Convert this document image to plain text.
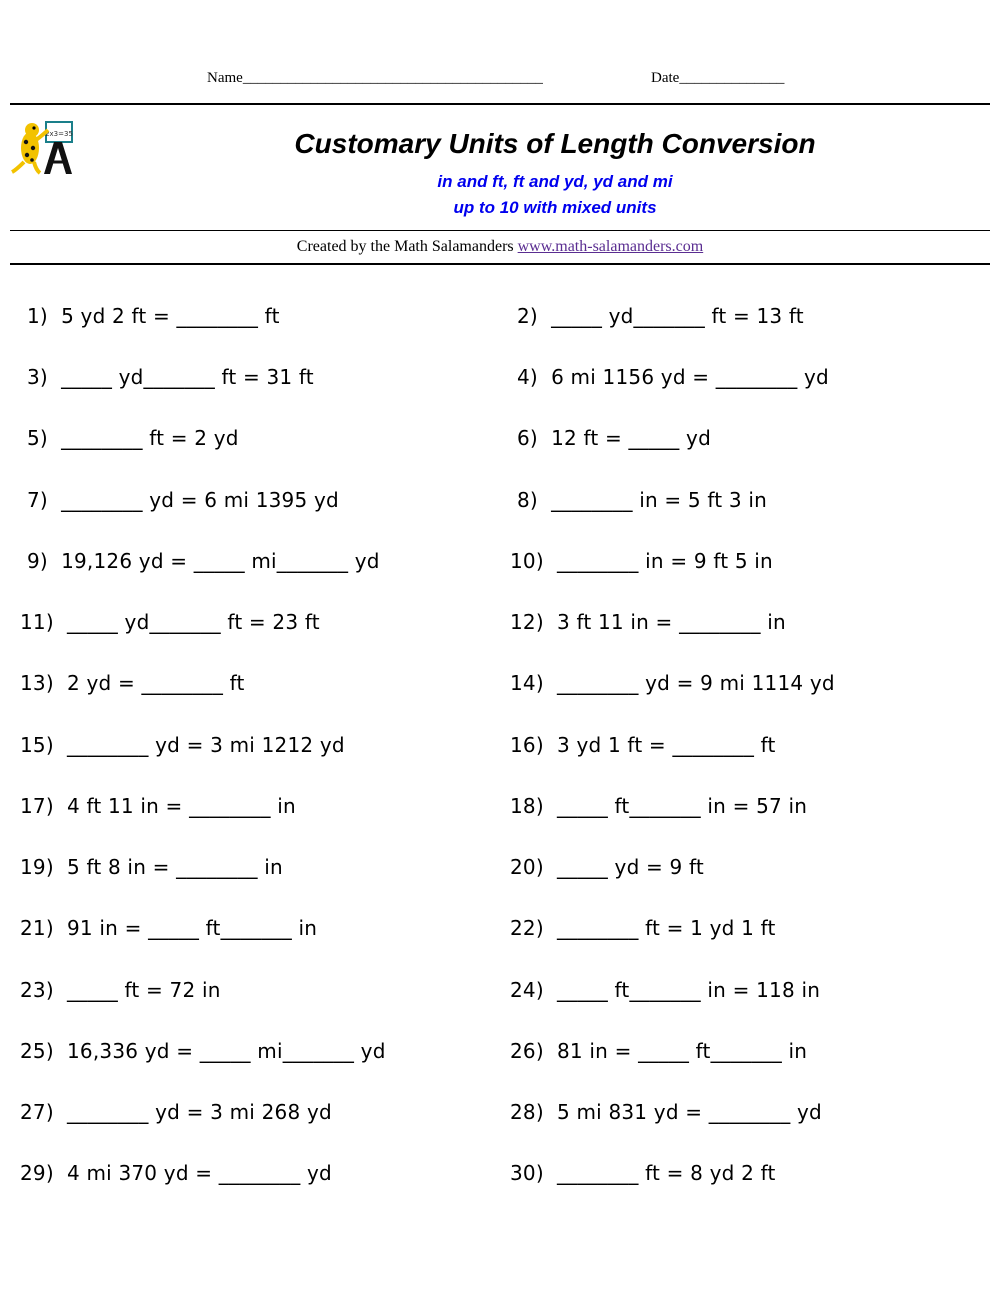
Name________________________________________	Date______________
2x3=35	Customary Units of Length Conversion
in and ft, ft and yd, yd and mi
up to 10 with mixed units
Created by the Math Salamanders www.math-salamanders.com
1) 5 yd 2 ft = ________ ft	2) _____ yd_______ ft = 13 ft
3) _____ yd_______ ft = 31 ft	4) 6 mi 1156 yd = ________ yd
5) ________ ft = 2 yd	6) 12 ft = _____ yd
7) ________ yd = 6 mi 1395 yd	8) ________ in = 5 ft 3 in
9) 19,126 yd = _____ mi_______ yd	10) ________ in = 9 ft 5 in
11) _____ yd_______ ft = 23 ft	12) 3 ft 11 in = ________ in
13) 2 yd = ________ ft	14) ________ yd = 9 mi 1114 yd
15) ________ yd = 3 mi 1212 yd	16) 3 yd 1 ft = ________ ft
17) 4 ft 11 in = ________ in	18) _____ ft_______ in = 57 in
19) 5 ft 8 in = ________ in	20) _____ yd = 9 ft
21) 91 in = _____ ft_______ in	22) ________ ft = 1 yd 1 ft
23) _____ ft = 72 in	24) _____ ft_______ in = 118 in
25) 16,336 yd = _____ mi_______ yd	26) 81 in = _____ ft_______ in
27) ________ yd = 3 mi 268 yd	28) 5 mi 831 yd = ________ yd
29) 4 mi 370 yd = ________ yd	30) ________ ft = 8 yd 2 ft
